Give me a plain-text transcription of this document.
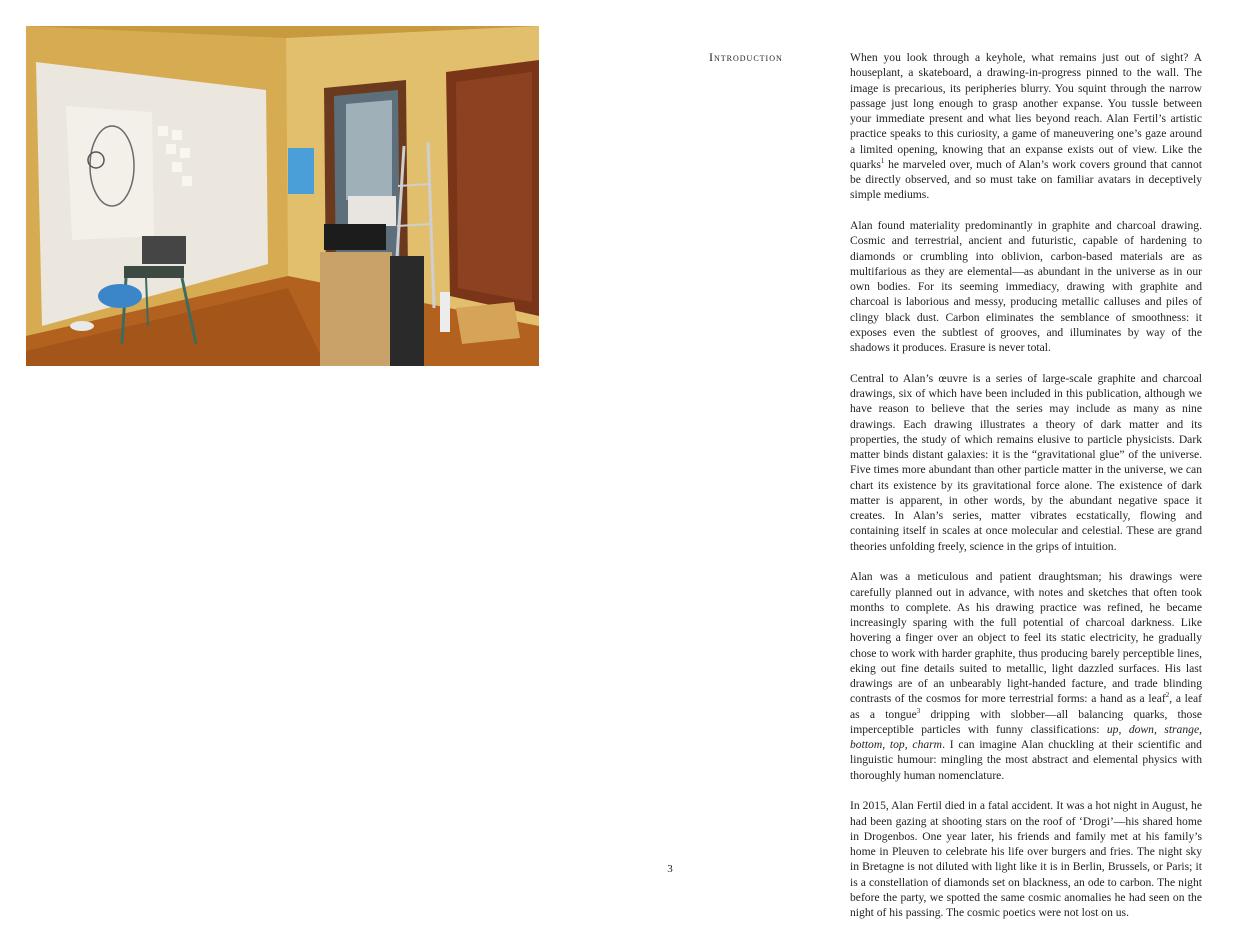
Introduction	When you look through a keyhole, what remains just out of sight? A houseplant, a skateboard, a drawing-in-progress pinned to the wall. The image is precarious, its peripheries blurry. You squint through the narrow passage just long enough to grasp another expanse. You tussle between your immediate present and what lies beyond reach. Alan Fertil’s artistic practice speaks to this curiosity, a game of maneuvering one’s gaze around a limited opening, knowing that an expanse exists out of view. Like the quarks$^1$ he marveled over, much of Alan’s work covers ground that cannot be directly observed, and so must take on familiar avatars in deceptively simple mediums.

Alan found materiality predominantly in graphite and charcoal drawing. Cosmic and terrestrial, ancient and futuristic, capable of hardening to diamonds or crumbling into oblivion, carbon-based materials are as multifarious as they are elemental—as abundant in the universe as in our own bodies. For its seeming immediacy, drawing with graphite and charcoal is laborious and messy, producing metallic calluses and piles of clingy black dust. Carbon eliminates the semblance of smoothness: it exposes even the subtlest of grooves, and illuminates by way of the shadows it produces. Erasure is never total.

Central to Alan’s œuvre is a series of large-scale graphite and charcoal drawings, six of which have been included in this publication, although we have reason to believe that the series may include as many as nine drawings. Each drawing illustrates a theory of dark matter and its properties, the study of which remains elusive to particle physicists. Dark matter binds distant galaxies: it is the “gravitational glue” of the universe. Five times more abundant than other particle matter in the universe, we can chart its existence by its gravitational force alone. The existence of dark matter is apparent, in other words, by the abundant negative space it creates. In Alan’s series, matter vibrates ecstatically, flowing and containing itself in scales at once molecular and celestial. These are grand theories unfolding freely, science in the grips of intuition.

Alan was a meticulous and patient draughtsman; his drawings were carefully planned out in advance, with notes and sketches that often took months to complete. As his drawing practice was refined, he became increasingly sparing with the full potential of charcoal darkness. Like hovering a finger over an object to feel its static electricity, he gradually chose to work with harder graphite, thus producing barely perceptible lines, eking out fine details suited to metallic, light dazzled surfaces. His last drawings are of an unbearably light-handed facture, and trade blinding contrasts of the cosmos for more terrestrial forms: a hand as a leaf$^2$, a leaf as a tongue$^3$ dripping with slobber—all balancing quarks, those imperceptible particles with funny classifications: up, down, strange, bottom, top, charm. I can imagine Alan chuckling at their scientific and linguistic humour: mingling the most abstract and elemental physics with thoroughly human nomenclature.

In 2015, Alan Fertil died in a fatal accident. It was a hot night in August, he had been gazing at shooting stars on the roof of ‘Drogi’—his shared home in Drogenbos. One year later, his friends and family met at his family’s home in Pleuven to celebrate his life over burgers and fries. The night sky in Bretagne is not diluted with light like it is in Berlin, Brussels, or Paris; it is a constellation of diamonds set on blackness, an ode to carbon. The night before the party, we spotted the same cosmic anomalies he had seen on the night of his passing. The cosmic poetics were not lost on us.

3
